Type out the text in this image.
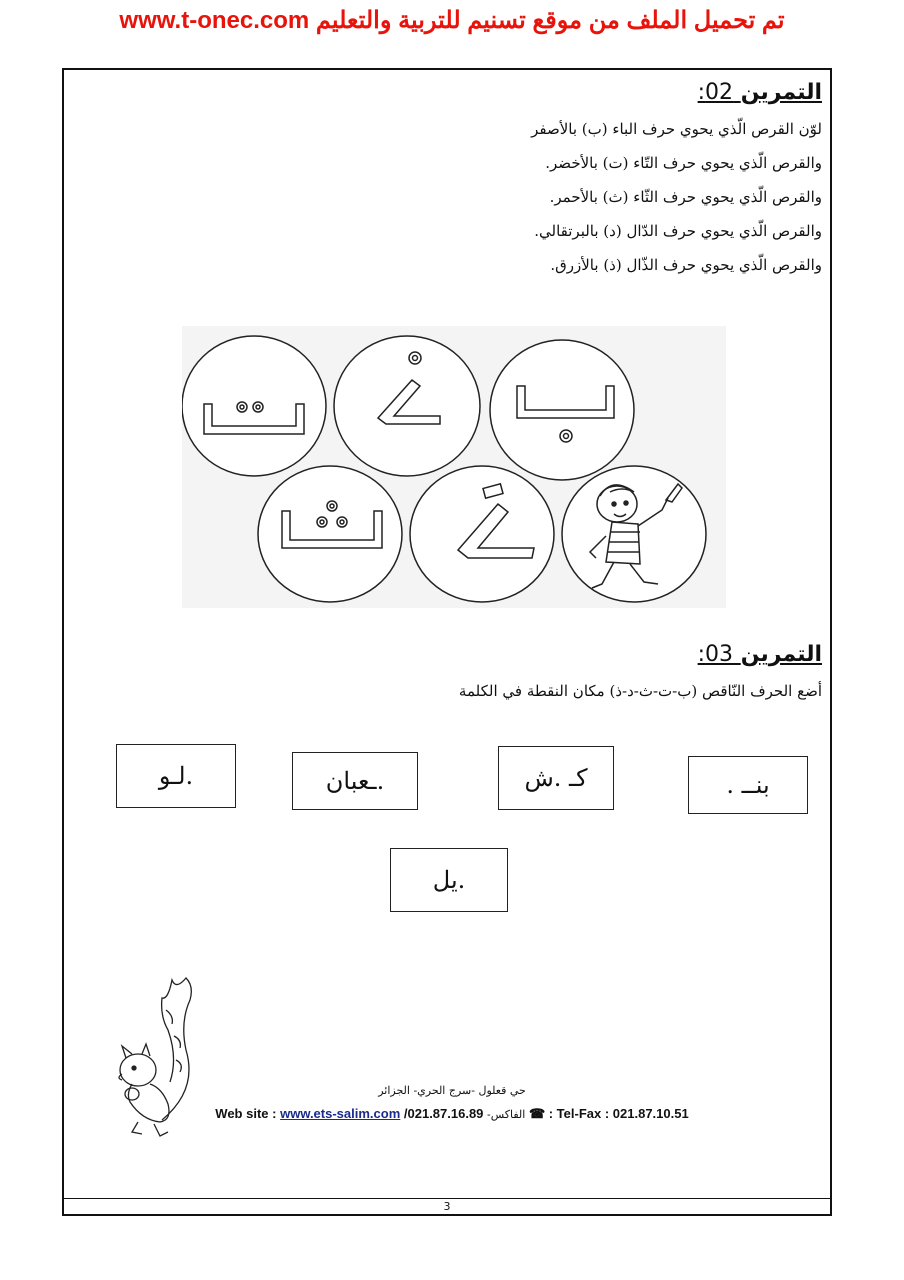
تم تحميل الملف من موقع تسنيم للتربية والتعليم www.t-onec.com
التمرين 02:
لوّن القرص الّذي يحوي حرف الباء (ب) بالأصفر
والقرص الّذي يحوي حرف التّاء (ت) بالأخضر.
والقرص الّذي يحوي حرف الثّاء (ث) بالأحمر.
والقرص الّذي يحوي حرف الدّال (د) بالبرتقالي.
والقرص الّذي يحوي حرف الذّال (ذ) بالأزرق.
التمرين 03:
أضع الحرف النّاقص (ب-ت-ث-د-ذ) مكان النقطة في الكلمة
بنــ .
كـ .ش
.ـعبان
.لـو
.يل
حي قعلول -سرج الحري- الجزائر
Web site : www.ets-salim.com /021.87.16.89 -الفاكس ☎ : Tel-Fax : 021.87.10.51
3
